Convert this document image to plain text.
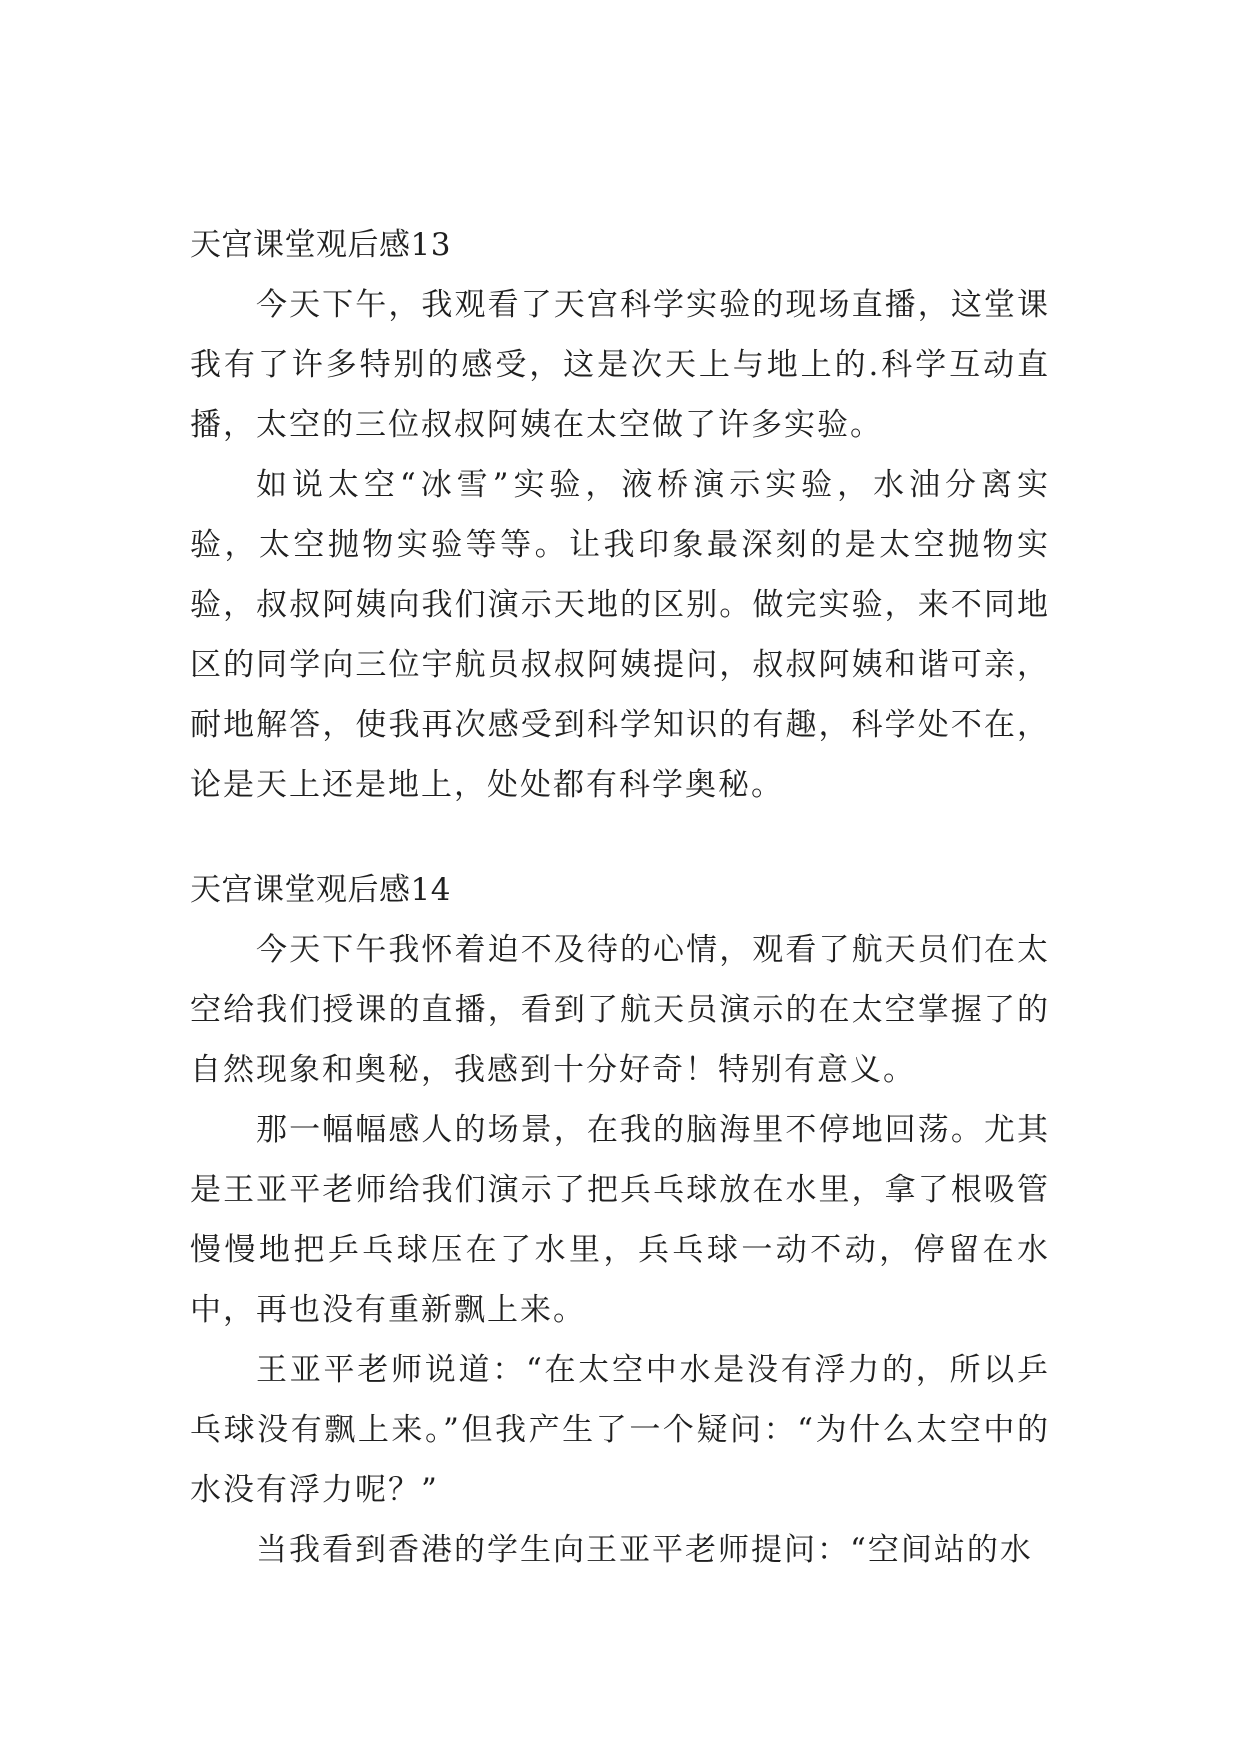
天宫课堂观后感13

今天下午，我观看了天宫科学实验的现场直播，这堂课我有了许多特别的感受，这是次天上与地上的.科学互动直播，太空的三位叔叔阿姨在太空做了许多实验。

如说太空“冰雪”实验，液桥演示实验，水油分离实验，太空抛物实验等等。让我印象最深刻的是太空抛物实验，叔叔阿姨向我们演示天地的区别。做完实验，来不同地区的同学向三位宇航员叔叔阿姨提问，叔叔阿姨和谐可亲，耐地解答，使我再次感受到科学知识的有趣，科学处不在，论是天上还是地上，处处都有科学奥秘。

天宫课堂观后感14

今天下午我怀着迫不及待的心情，观看了航天员们在太空给我们授课的直播，看到了航天员演示的在太空掌握了的自然现象和奥秘，我感到十分好奇！特别有意义。

那一幅幅感人的场景，在我的脑海里不停地回荡。尤其是王亚平老师给我们演示了把兵乓球放在水里，拿了根吸管慢慢地把乒乓球压在了水里，兵乓球一动不动，停留在水中，再也没有重新飘上来。

王亚平老师说道：“在太空中水是没有浮力的，所以乒乓球没有飘上来。”但我产生了一个疑问：“为什么太空中的水没有浮力呢？”

当我看到香港的学生向王亚平老师提问：“空间站的水
